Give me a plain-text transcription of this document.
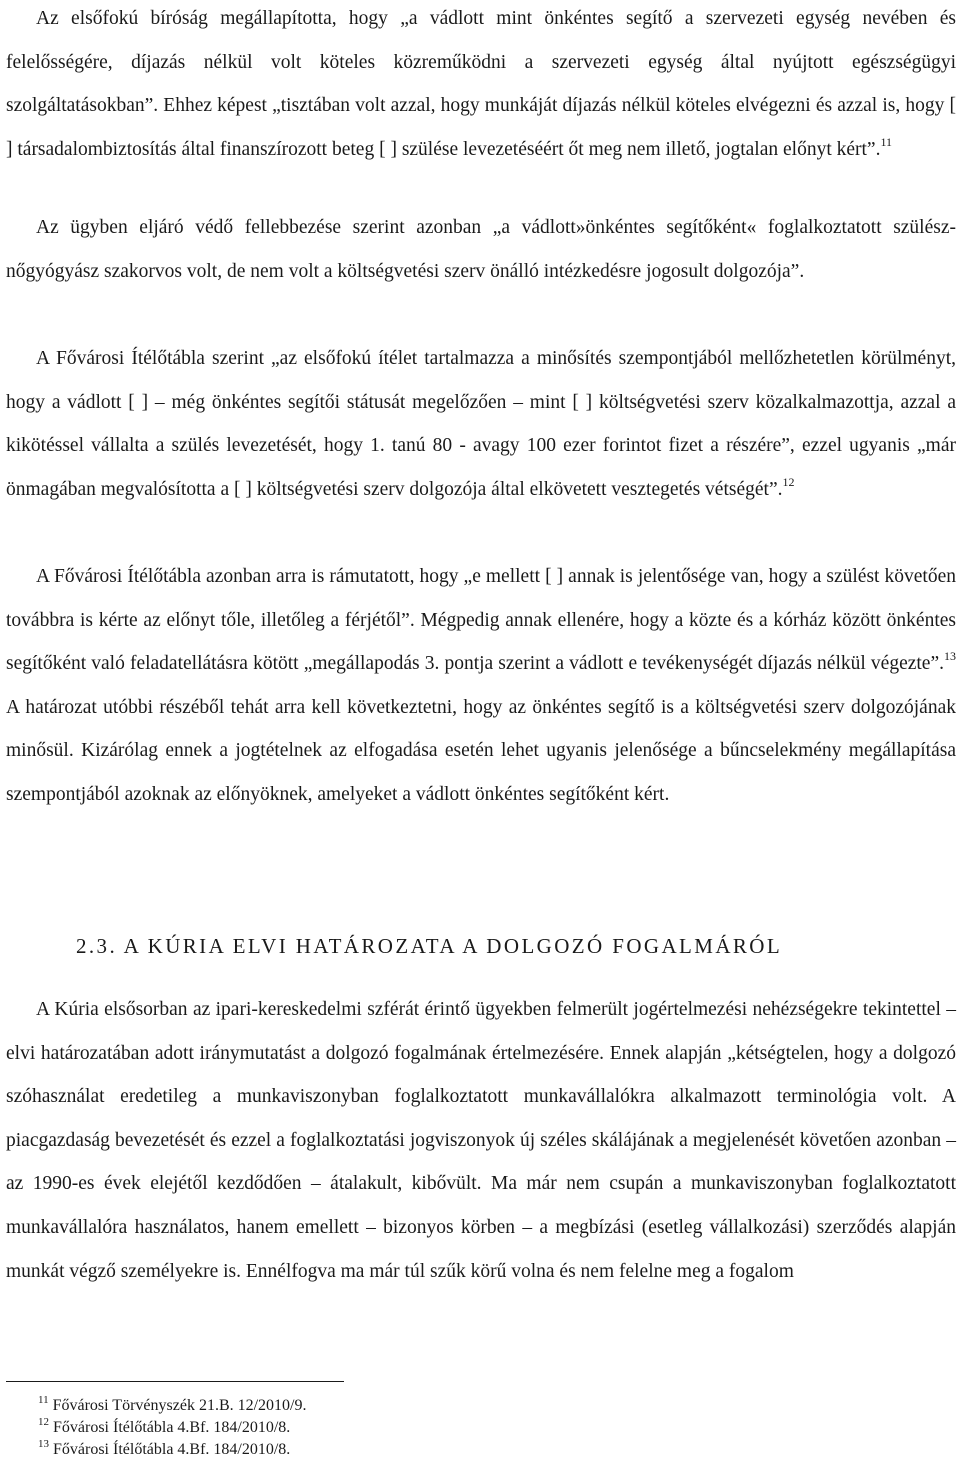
Az elsőfokú bíróság megállapította, hogy „a vádlott mint önkéntes segítő a szervezeti egység nevében és felelősségére, díjazás nélkül volt köteles közreműködni a szervezeti egység által nyújtott egészségügyi szolgáltatásokban”. Ehhez képest „tisztában volt azzal, hogy munkáját díjazás nélkül köteles elvégezni és azzal is, hogy [ ] társadalombiztosítás által finanszírozott beteg [ ] szülése levezetéséért őt meg nem illető, jogtalan előnyt kért”.$^{11}$

Az ügyben eljáró védő fellebbezése szerint azonban „a vádlott»önkéntes segítőként« foglalkoztatott szülész-nőgyógyász szakorvos volt, de nem volt a költségvetési szerv önálló intézkedésre jogosult dolgozója”.

A Fővárosi Ítélőtábla szerint „az elsőfokú ítélet tartalmazza a minősítés szempontjából mellőzhetetlen körülményt, hogy a vádlott [ ] – még önkéntes segítői státusát megelőzően – mint [ ] költségvetési szerv közalkalmazottja, azzal a kikötéssel vállalta a szülés levezetését, hogy 1. tanú 80 - avagy 100 ezer forintot fizet a részére”, ezzel ugyanis „már önmagában megvalósította a [ ] költségvetési szerv dolgozója által elkövetett vesztegetés vétségét”.$^{12}$

A Fővárosi Ítélőtábla azonban arra is rámutatott, hogy „e mellett [ ] annak is jelentősége van, hogy a szülést követően továbbra is kérte az előnyt tőle, illetőleg a férjétől”. Mégpedig annak ellenére, hogy a közte és a kórház között önkéntes segítőként való feladatellátásra kötött „megállapodás 3. pontja szerint a vádlott e tevékenységét díjazás nélkül végezte”.$^{13}$ A határozat utóbbi részéből tehát arra kell következtetni, hogy az önkéntes segítő is a költségvetési szerv dolgozójának minősül. Kizárólag ennek a jogtételnek az elfogadása esetén lehet ugyanis jelenősége a bűncselekmény megállapítása szempontjából azoknak az előnyöknek, amelyeket a vádlott önkéntes segítőként kért.

2.3. A KÚRIA ELVI HATÁROZATA A DOLGOZÓ FOGALMÁRÓL

A Kúria elsősorban az ipari-kereskedelmi szférát érintő ügyekben felmerült jogértelmezési nehézségekre tekintettel – elvi határozatában adott iránymutatást a dolgozó fogalmának értelmezésére. Ennek alapján „kétségtelen, hogy a dolgozó szóhasználat eredetileg a munkaviszonyban foglalkoztatott munkavállalókra alkalmazott terminológia volt. A piacgazdaság bevezetését és ezzel a foglalkoztatási jogviszonyok új széles skálájának a megjelenését követően azonban – az 1990-es évek elejétől kezdődően – átalakult, kibővült. Ma már nem csupán a munkaviszonyban foglalkoztatott munkavállalóra használatos, hanem emellett – bizonyos körben – a megbízási (esetleg vállalkozási) szerződés alapján munkát végző személyekre is. Ennélfogva ma már túl szűk körű volna és nem felelne meg a fogalom

$^{11}$ Fővárosi Törvényszék 21.B. 12/2010/9.

$^{12}$ Fővárosi Ítélőtábla 4.Bf. 184/2010/8.

$^{13}$ Fővárosi Ítélőtábla 4.Bf. 184/2010/8.
